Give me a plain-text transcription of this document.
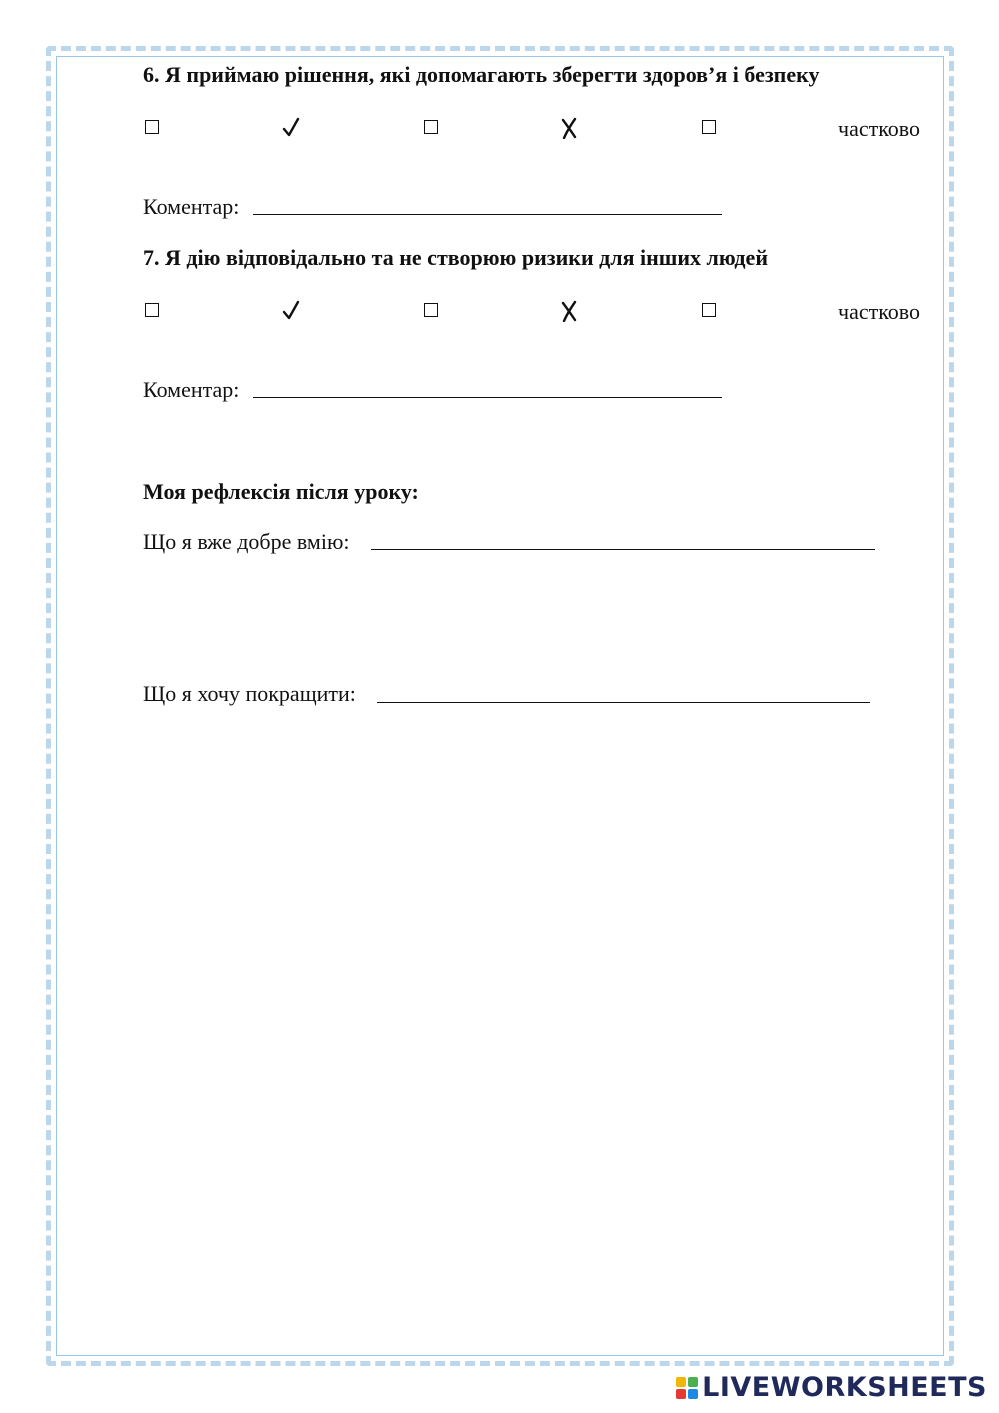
6. Я приймаю рішення, які допомагають зберегти здоров’я і безпеку
частково
Коментар:
7. Я дію відповідально та не створюю ризики для інших людей
частково
Коментар:
Моя рефлексія після уроку:
Що я вже добре вмію:
Що я хочу покращити:
LIVEWORKSHEETS
